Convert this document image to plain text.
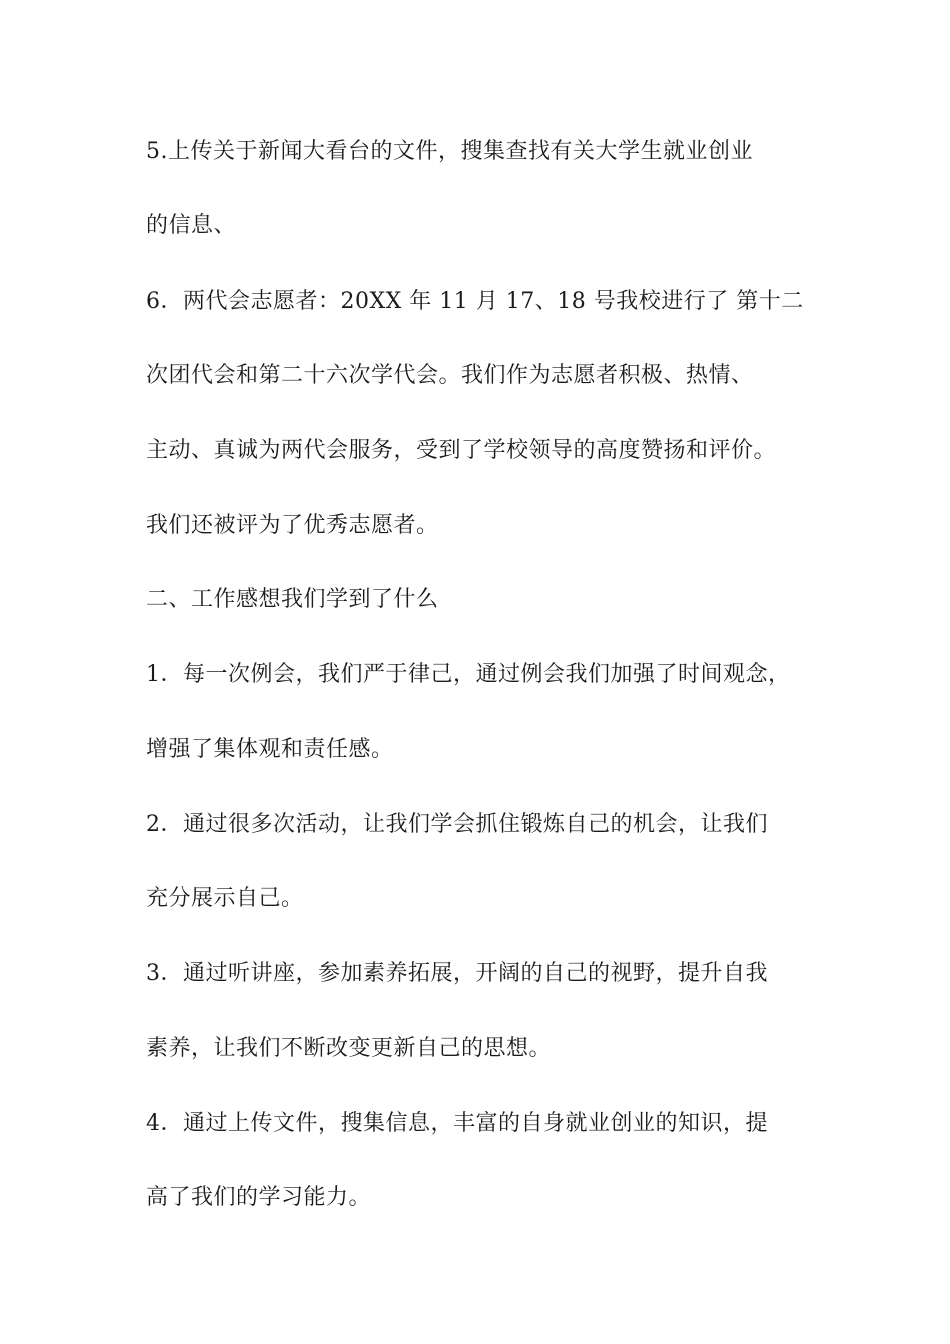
5.上传关于新闻大看台的文件，搜集查找有关大学生就业创业

的信息、

6．两代会志愿者：20XX 年 11 月 17、18 号我校进行了 第十二

次团代会和第二十六次学代会。我们作为志愿者积极、热情、

主动、真诚为两代会服务，受到了学校领导的高度赞扬和评价。

我们还被评为了优秀志愿者。

二、工作感想我们学到了什么

1．每一次例会，我们严于律己，通过例会我们加强了时间观念，

增强了集体观和责任感。

2．通过很多次活动，让我们学会抓住锻炼自己的机会，让我们

充分展示自己。

3．通过听讲座，参加素养拓展，开阔的自己的视野，提升自我

素养，让我们不断改变更新自己的思想。

4．通过上传文件，搜集信息，丰富的自身就业创业的知识，提

高了我们的学习能力。
